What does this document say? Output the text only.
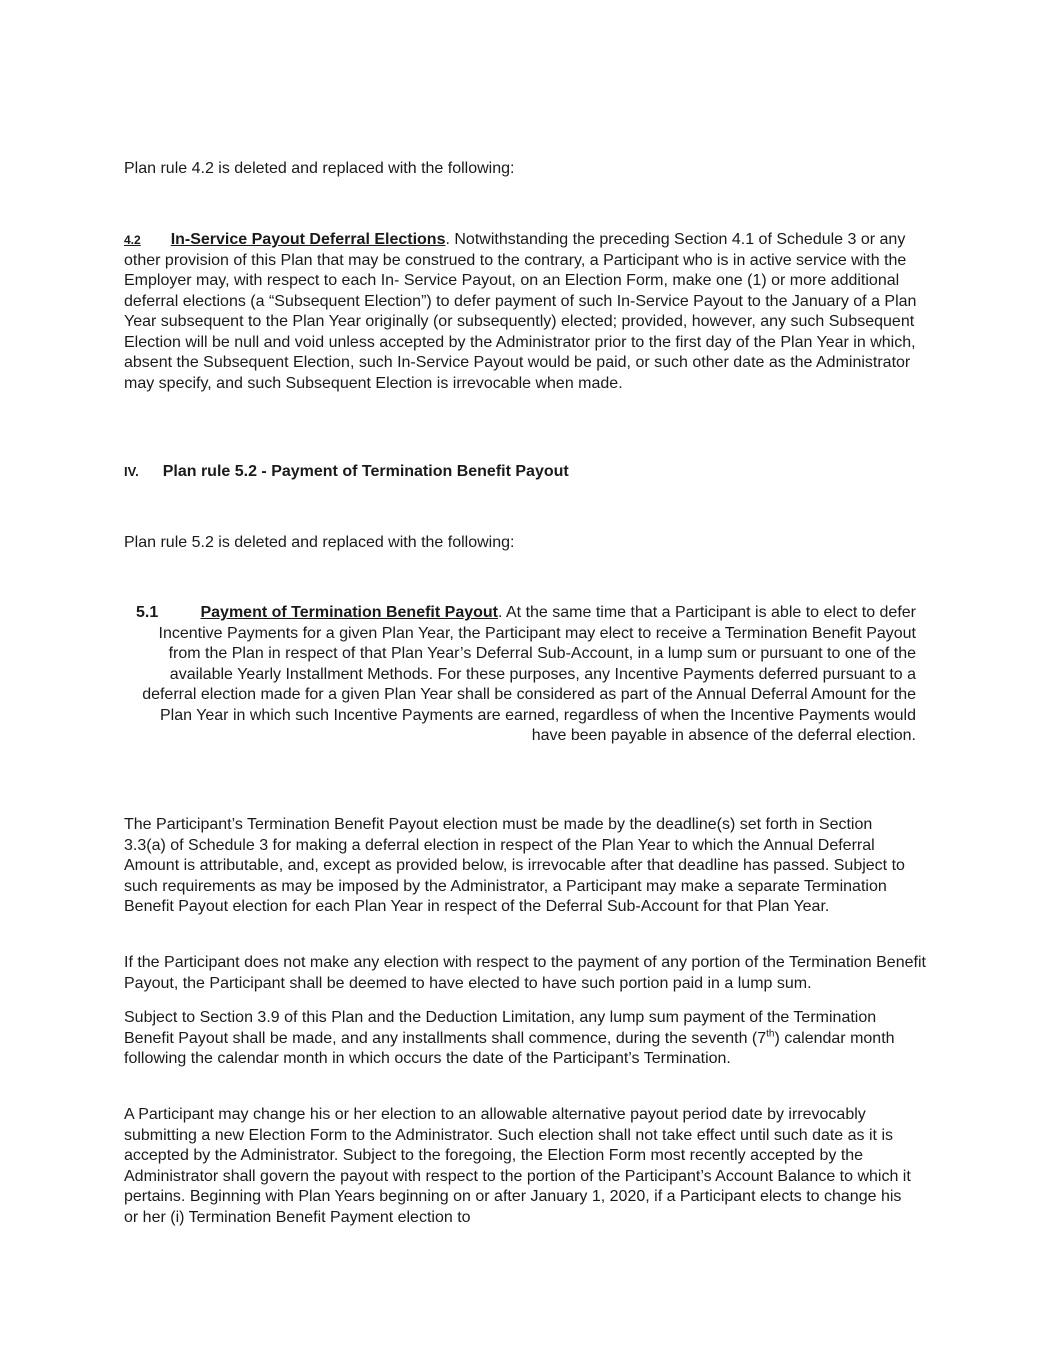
Plan rule 4.2 is deleted and replaced with the following:

4.2 In-Service Payout Deferral Elections. Notwithstanding the preceding Section 4.1 of Schedule 3 or any other provision of this Plan that may be construed to the contrary, a Participant who is in active service with the Employer may, with respect to each In- Service Payout, on an Election Form, make one (1) or more additional deferral elections (a “Subsequent Election”) to defer payment of such In-Service Payout to the January of a Plan Year subsequent to the Plan Year originally (or subsequently) elected; provided, however, any such Subsequent Election will be null and void unless accepted by the Administrator prior to the first day of the Plan Year in which, absent the Subsequent Election, such In-Service Payout would be paid, or such other date as the Administrator may specify, and such Subsequent Election is irrevocable when made.

IV. Plan rule 5.2 - Payment of Termination Benefit Payout

Plan rule 5.2 is deleted and replaced with the following:

5.1	Payment of Termination Benefit Payout. At the same time that a Participant is able to elect to defer Incentive Payments for a given Plan Year, the Participant may elect to receive a Termination Benefit Payout from the Plan in respect of that Plan Year’s Deferral Sub-Account, in a lump sum or pursuant to one of the available Yearly Installment Methods. For these purposes, any Incentive Payments deferred pursuant to a deferral election made for a given Plan Year shall be considered as part of the Annual Deferral Amount for the Plan Year in which such Incentive Payments are earned, regardless of when the Incentive Payments would have been payable in absence of the deferral election.

The Participant’s Termination Benefit Payout election must be made by the deadline(s) set forth in Section 3.3(a) of Schedule 3 for making a deferral election in respect of the Plan Year to which the Annual Deferral Amount is attributable, and, except as provided below, is irrevocable after that deadline has passed. Subject to such requirements as may be imposed by the Administrator, a Participant may make a separate Termination Benefit Payout election for each Plan Year in respect of the Deferral Sub-Account for that Plan Year.

If the Participant does not make any election with respect to the payment of any portion of the Termination Benefit Payout, the Participant shall be deemed to have elected to have such portion paid in a lump sum.

Subject to Section 3.9 of this Plan and the Deduction Limitation, any lump sum payment of the Termination Benefit Payout shall be made, and any installments shall commence, during the seventh (7th) calendar month following the calendar month in which occurs the date of the Participant’s Termination.

A Participant may change his or her election to an allowable alternative payout period date by irrevocably submitting a new Election Form to the Administrator. Such election shall not take effect until such date as it is accepted by the Administrator. Subject to the foregoing, the Election Form most recently accepted by the Administrator shall govern the payout with respect to the portion of the Participant’s Account Balance to which it pertains. Beginning with Plan Years beginning on or after January 1, 2020, if a Participant elects to change his or her (i) Termination Benefit Payment election to
